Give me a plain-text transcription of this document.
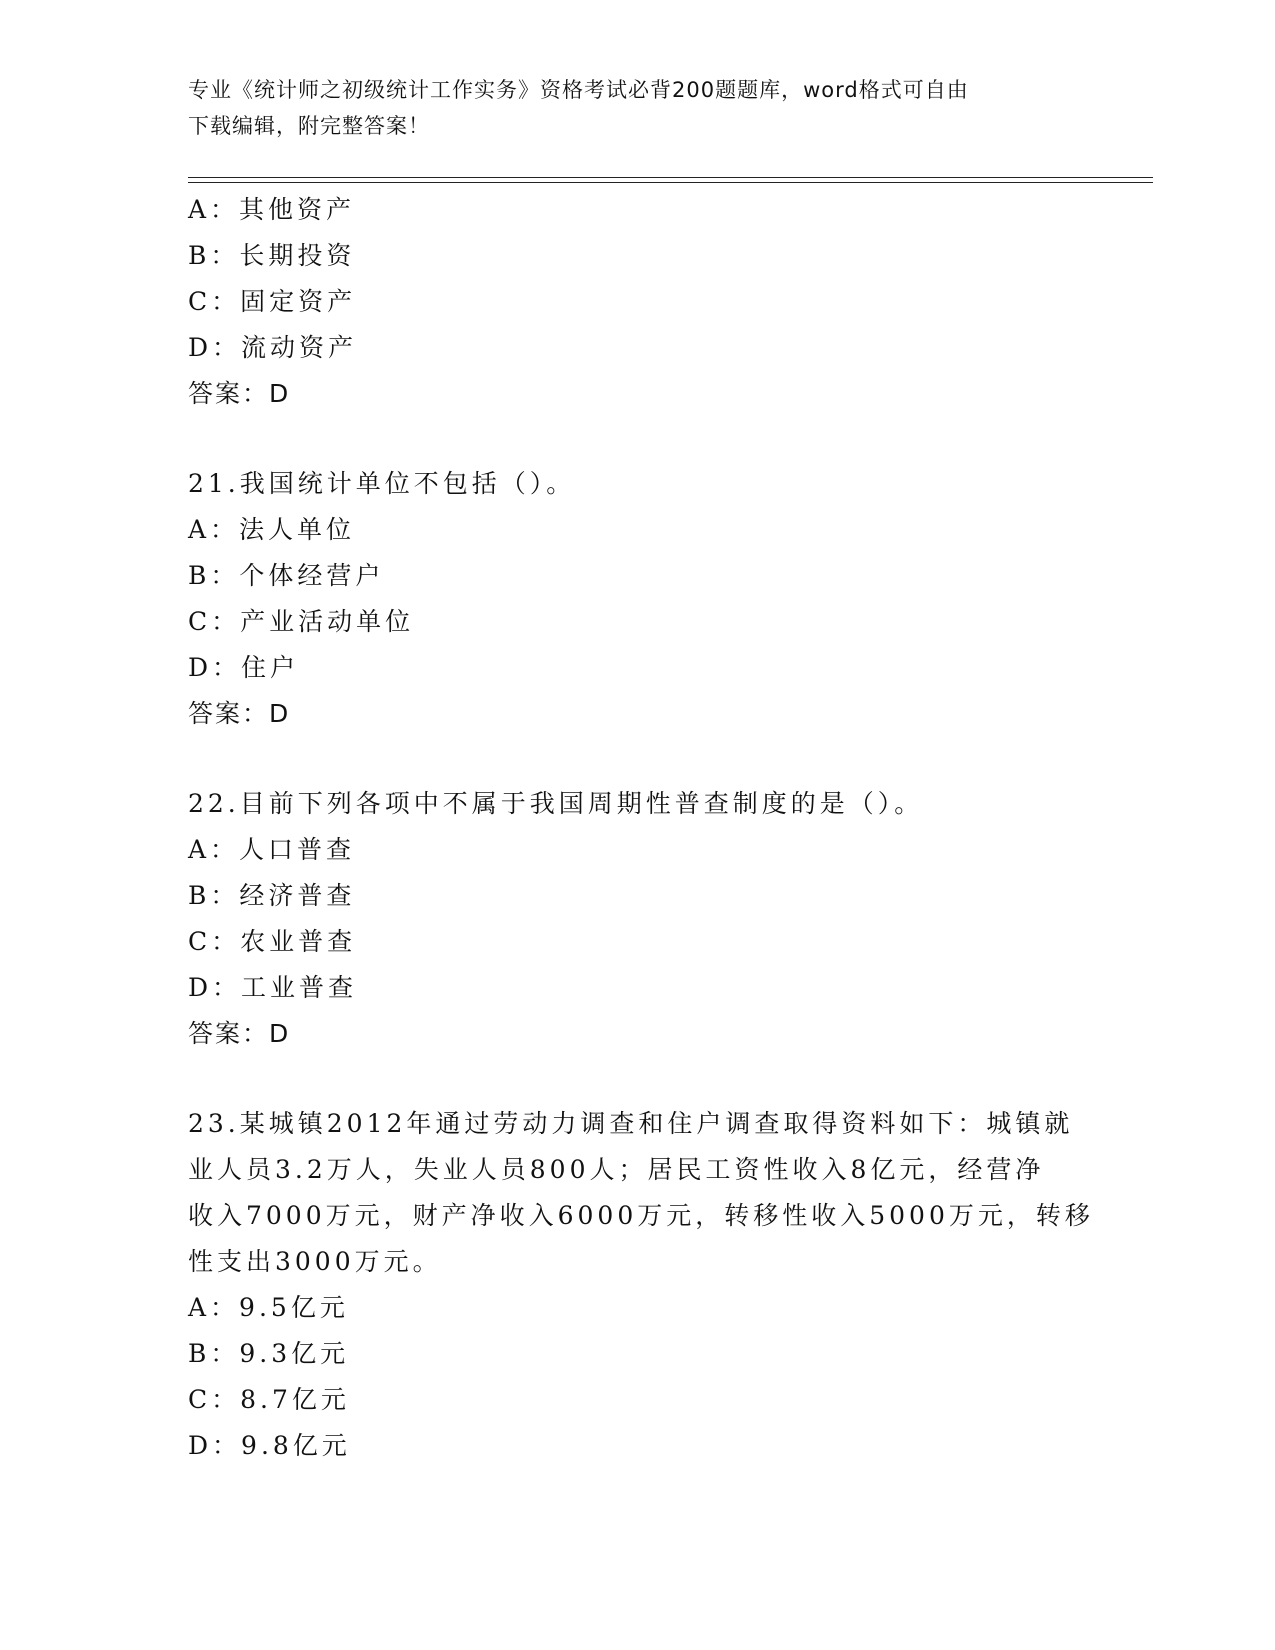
专业《统计师之初级统计工作实务》资格考试必背200题题库，word格式可自由
下载编辑，附完整答案！
A：其他资产
B：长期投资
C：固定资产
D：流动资产
答案：D
21.我国统计单位不包括（）。
A：法人单位
B：个体经营户
C：产业活动单位
D：住户
答案：D
22.目前下列各项中不属于我国周期性普查制度的是（）。
A：人口普查
B：经济普查
C：农业普查
D：工业普查
答案：D
23.某城镇2012年通过劳动力调查和住户调查取得资料如下：城镇就
业人员3.2万人，失业人员800人；居民工资性收入8亿元，经营净
收入7000万元，财产净收入6000万元，转移性收入5000万元，转移
性支出3000万元。
A：9.5亿元
B：9.3亿元
C：8.7亿元
D：9.8亿元
